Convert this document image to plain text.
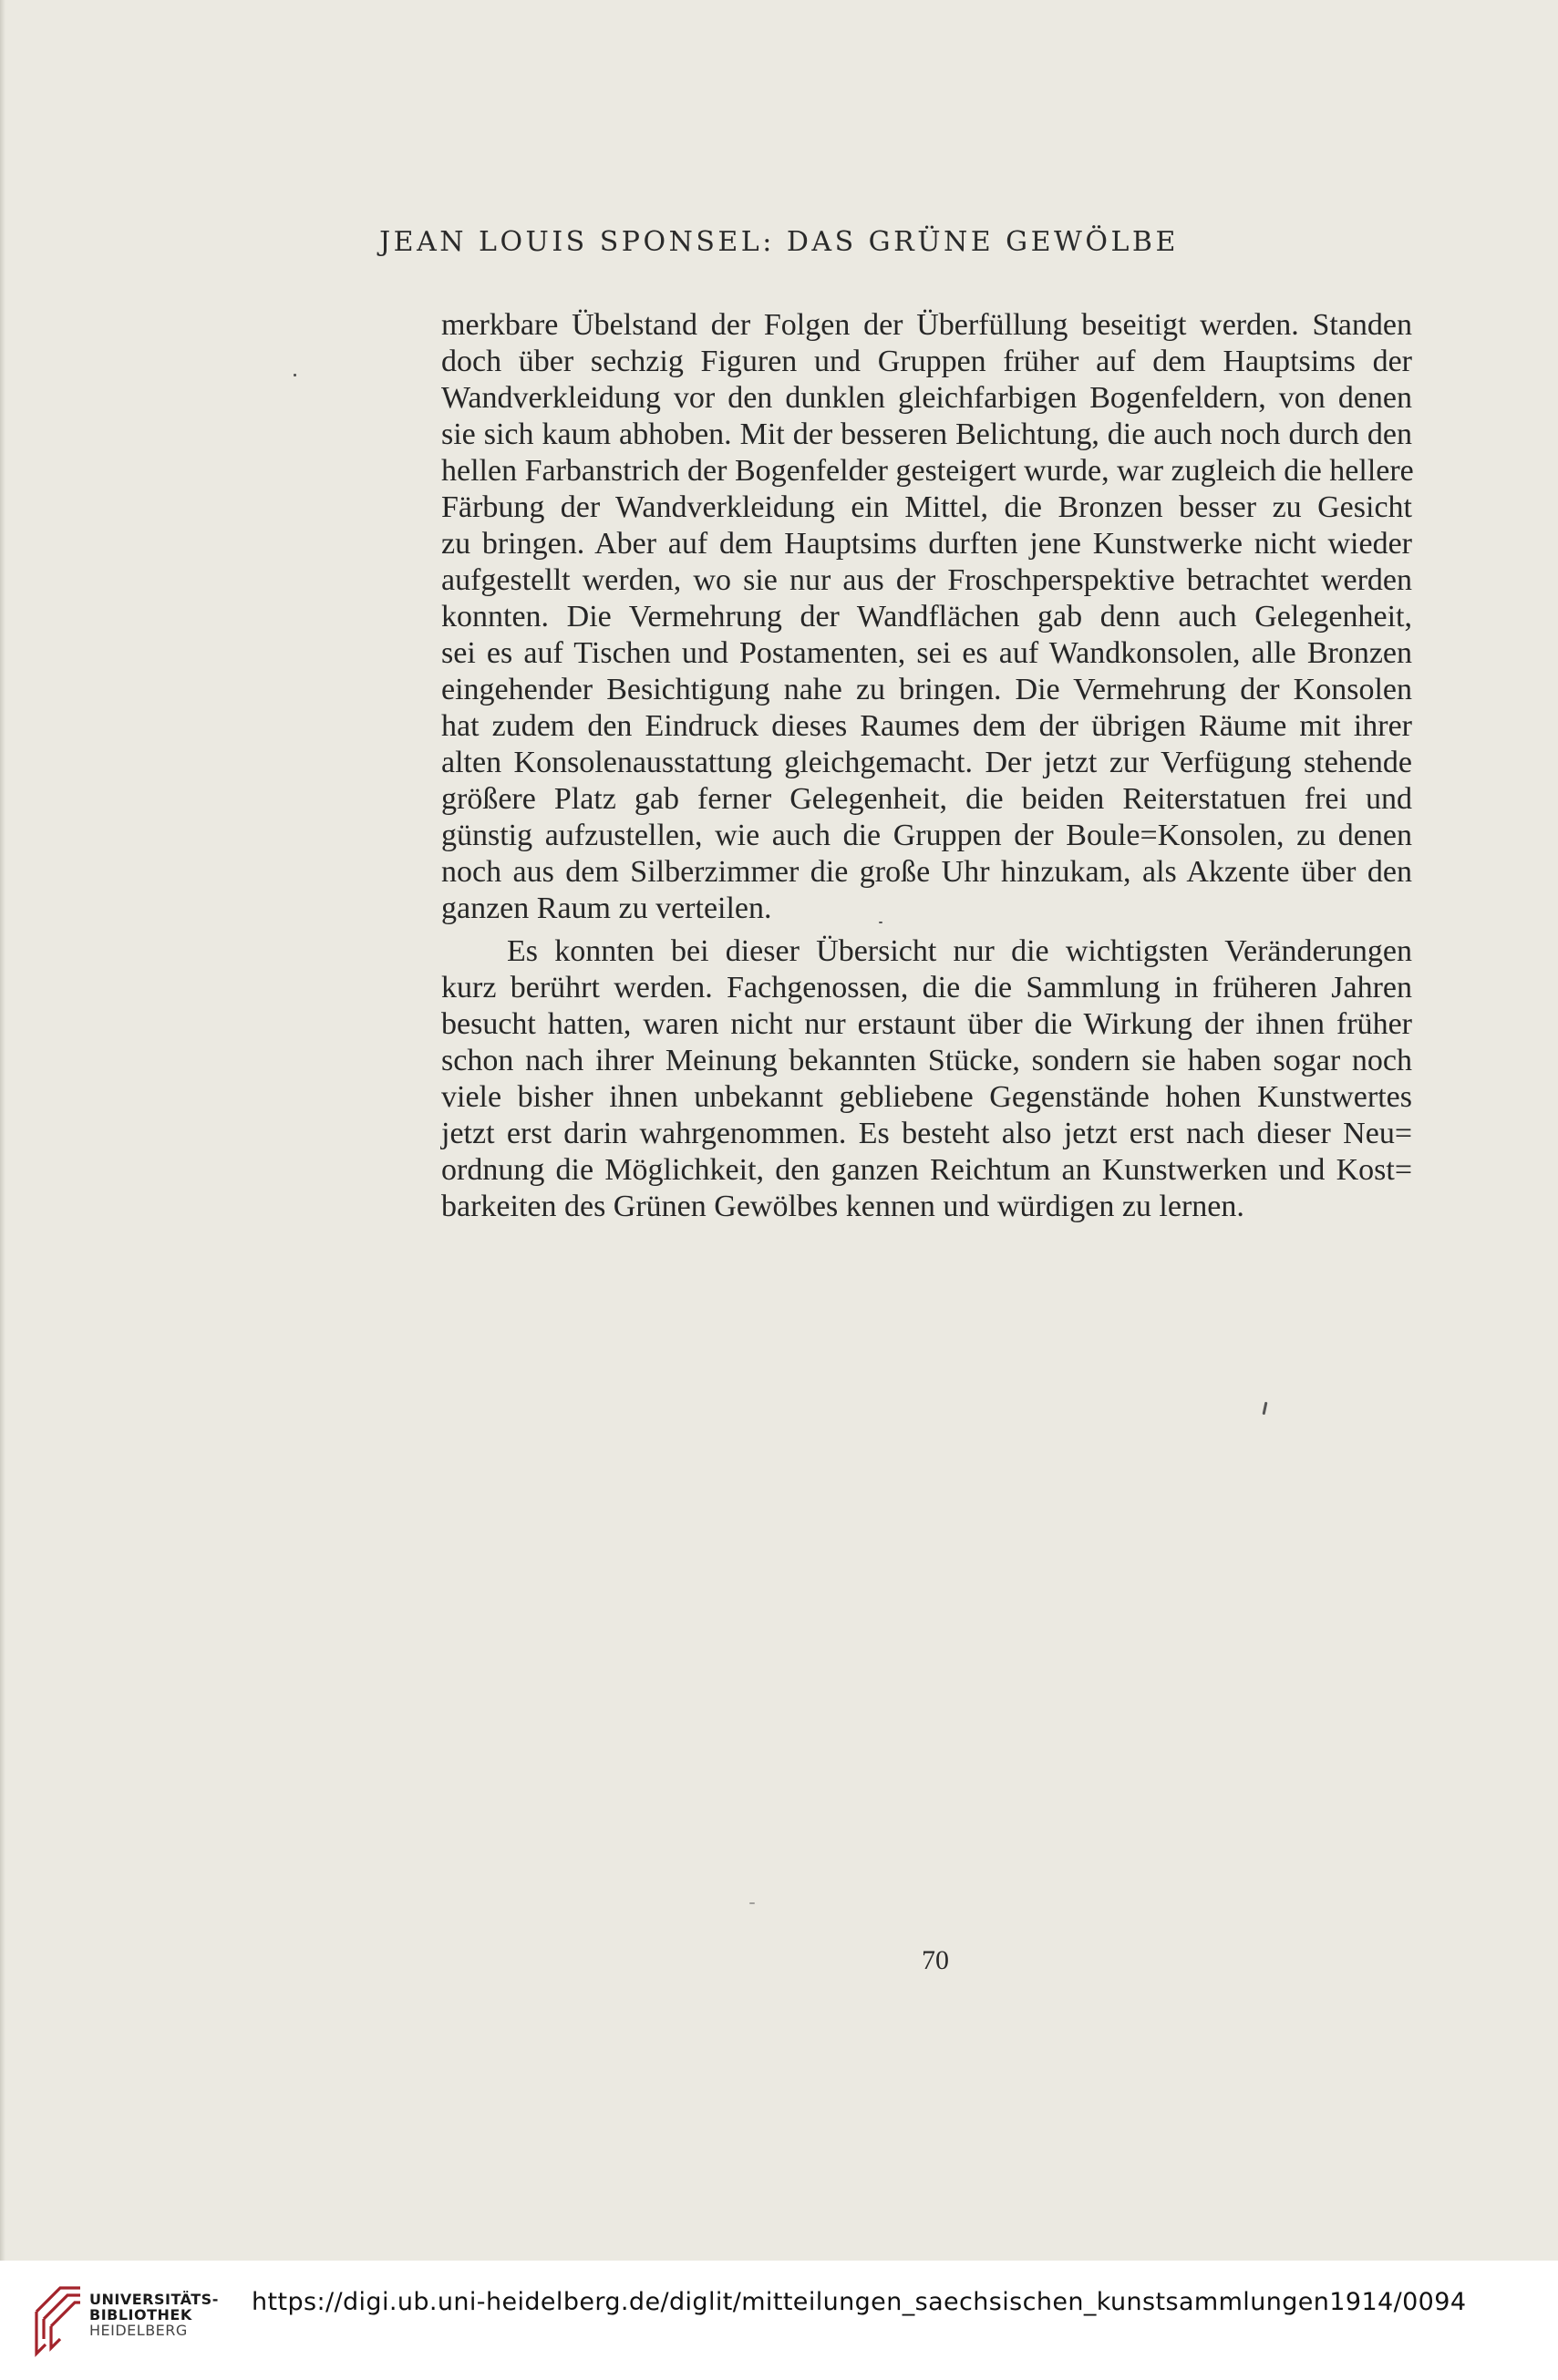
JEAN LOUIS SPONSEL: DAS GRÜNE GEWÖLBE
merkbare Übelstand der Folgen der Überfüllung beseitigt werden. Standen
doch über sechzig Figuren und Gruppen früher auf dem Hauptsims der
Wandverkleidung vor den dunklen gleichfarbigen Bogenfeldern, von denen
sie sich kaum abhoben. Mit der besseren Belichtung, die auch noch durch den
hellen Farbanstrich der Bogenfelder gesteigert wurde, war zugleich die hellere
Färbung der Wandverkleidung ein Mittel, die Bronzen besser zu Gesicht
zu bringen. Aber auf dem Hauptsims durften jene Kunstwerke nicht wieder
aufgestellt werden, wo sie nur aus der Froschperspektive betrachtet werden
konnten. Die Vermehrung der Wandflächen gab denn auch Gelegenheit,
sei es auf Tischen und Postamenten, sei es auf Wandkonsolen, alle Bronzen
eingehender Besichtigung nahe zu bringen. Die Vermehrung der Konsolen
hat zudem den Eindruck dieses Raumes dem der übrigen Räume mit ihrer
alten Konsolenausstattung gleichgemacht. Der jetzt zur Verfügung stehende
größere Platz gab ferner Gelegenheit, die beiden Reiterstatuen frei und
günstig aufzustellen, wie auch die Gruppen der Boule=Konsolen, zu denen
noch aus dem Silberzimmer die große Uhr hinzukam, als Akzente über den
ganzen Raum zu verteilen.
Es konnten bei dieser Übersicht nur die wichtigsten Veränderungen
kurz berührt werden. Fachgenossen, die die Sammlung in früheren Jahren
besucht hatten, waren nicht nur erstaunt über die Wirkung der ihnen früher
schon nach ihrer Meinung bekannten Stücke, sondern sie haben sogar noch
viele bisher ihnen unbekannt gebliebene Gegenstände hohen Kunstwertes
jetzt erst darin wahrgenommen. Es besteht also jetzt erst nach dieser Neu=
ordnung die Möglichkeit, den ganzen Reichtum an Kunstwerken und Kost=
barkeiten des Grünen Gewölbes kennen und würdigen zu lernen.
70
UNIVERSITÄTS-
BIBLIOTHEK
HEIDELBERG
https://digi.ub.uni-heidelberg.de/diglit/mitteilungen_saechsischen_kunstsammlungen1914/0094
